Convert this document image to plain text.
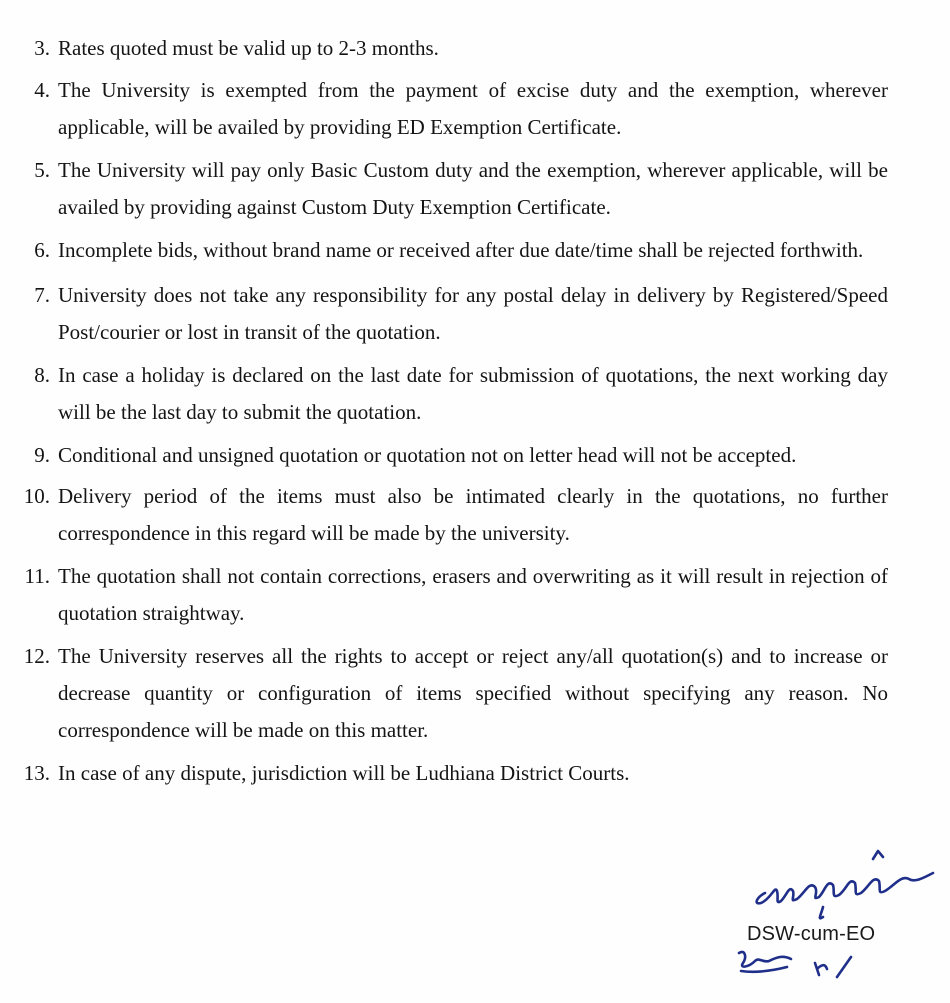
3. Rates quoted must be valid up to 2-3 months.
4. The University is exempted from the payment of excise duty and the exemption, wherever applicable, will be availed by providing ED Exemption Certificate.
5. The University will pay only Basic Custom duty and the exemption, wherever applicable, will be availed by providing against Custom Duty Exemption Certificate.
6. Incomplete bids, without brand name or received after due date/time shall be rejected forthwith.
7. University does not take any responsibility for any postal delay in delivery by Registered/Speed Post/courier or lost in transit of the quotation.
8. In case a holiday is declared on the last date for submission of quotations, the next working day will be the last day to submit the quotation.
9. Conditional and unsigned quotation or quotation not on letter head will not be accepted.
10. Delivery period of the items must also be intimated clearly in the quotations, no further correspondence in this regard will be made by the university.
11. The quotation shall not contain corrections, erasers and overwriting as it will result in rejection of quotation straightway.
12. The University reserves all the rights to accept or reject any/all quotation(s) and to increase or decrease quantity or configuration of items specified without specifying any reason. No correspondence will be made on this matter.
13. In case of any dispute, jurisdiction will be Ludhiana District Courts.
DSW-cum-EO
